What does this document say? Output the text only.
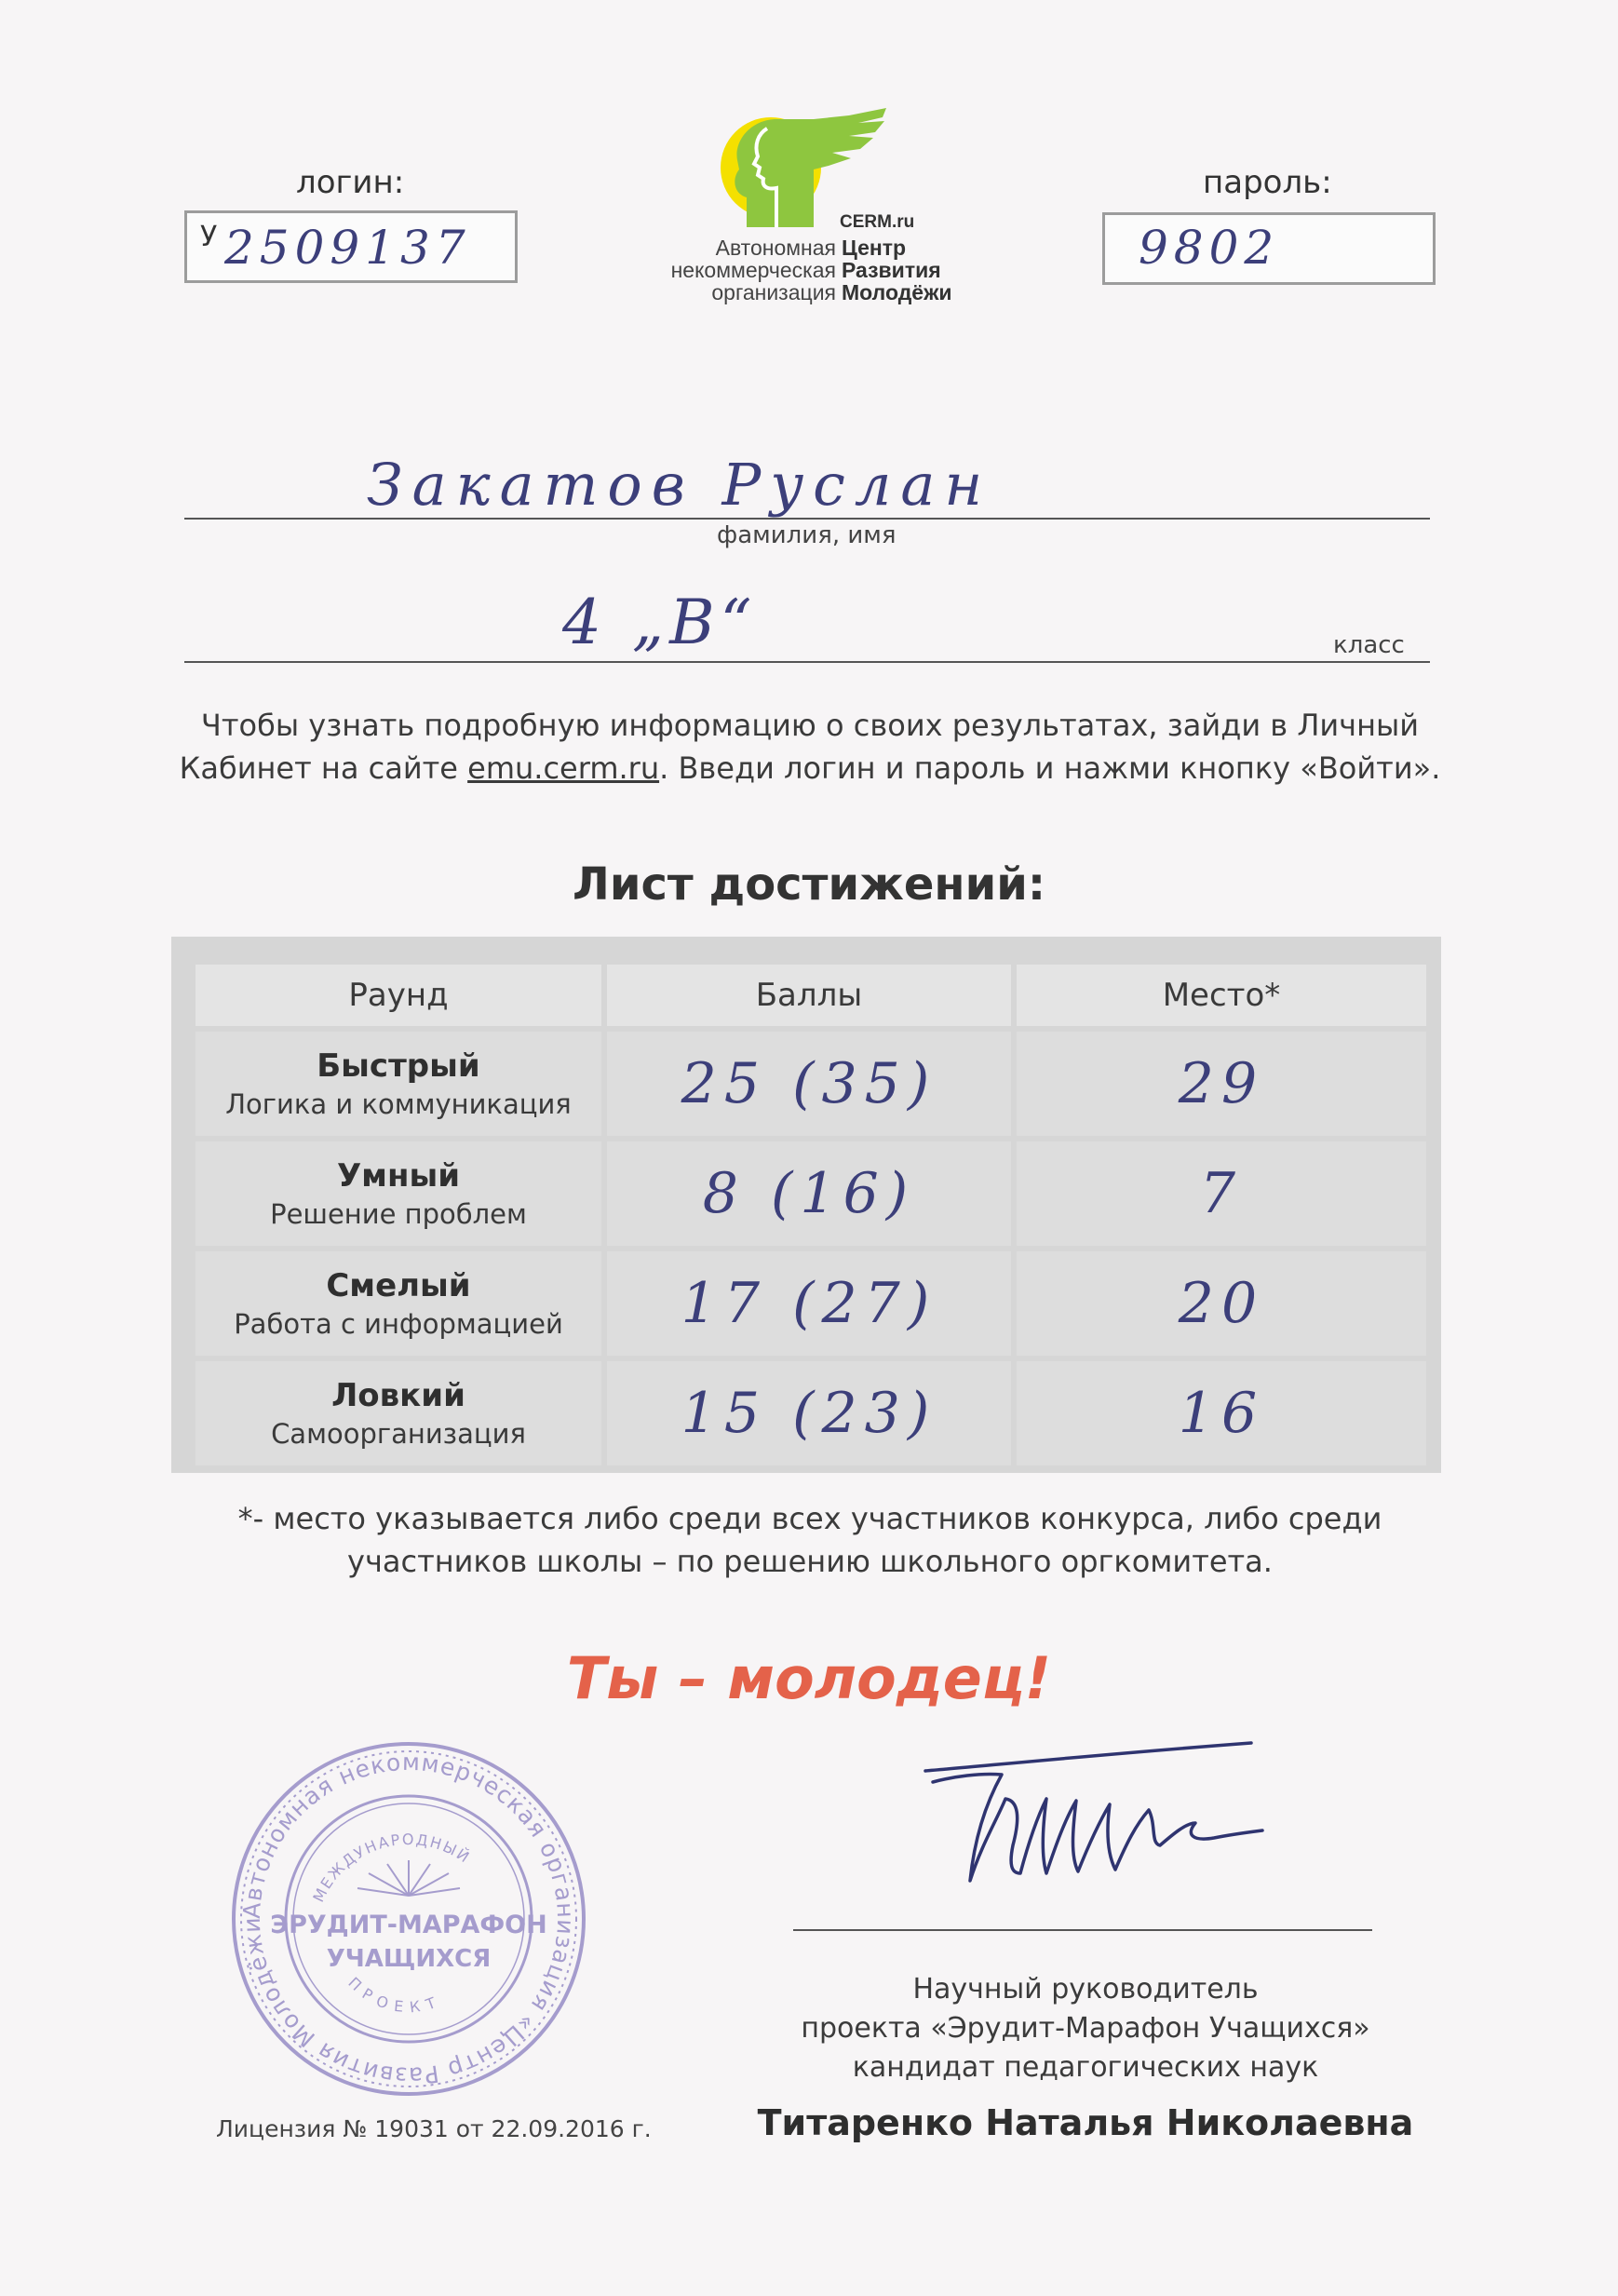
логин:
У 2509137
пароль:
9802
CERM.ru
Автономная
некоммерческая
организация
Центр
Развития
Молодёжи
Закатов Руслан
фамилия, имя
4 „В“	класс
Чтобы узнать подробную информацию о своих результатах, зайди в Личный
Кабинет на сайте emu.cerm.ru. Введи логин и пароль и нажми кнопку «Войти».
Лист достижений:
Раунд	Баллы	Место*

Быстрый
Логика и коммуникация	25 (35)	29

Умный
Решение проблем	8 (16)	7

Смелый
Работа с информацией	17 (27)	20

Ловкий
Самоорганизация	15 (23)	16
*- место указывается либо среди всех участников конкурса, либо среди
участников школы – по решению школьного оргкомитета.
Ты – молодец!
Автономная некоммерческая организация «Центр Развития Молодёжи
МЕЖДУНАРОДНЫЙ
ЭРУДИТ-МАРАФОН
УЧАЩИХСЯ
ПРОЕКТ	Научный руководитель
проекта «Эрудит-Марафон Учащихся»
кандидат педагогических наук
Титаренко Наталья Николаевна
Лицензия № 19031 от 22.09.2016 г.
